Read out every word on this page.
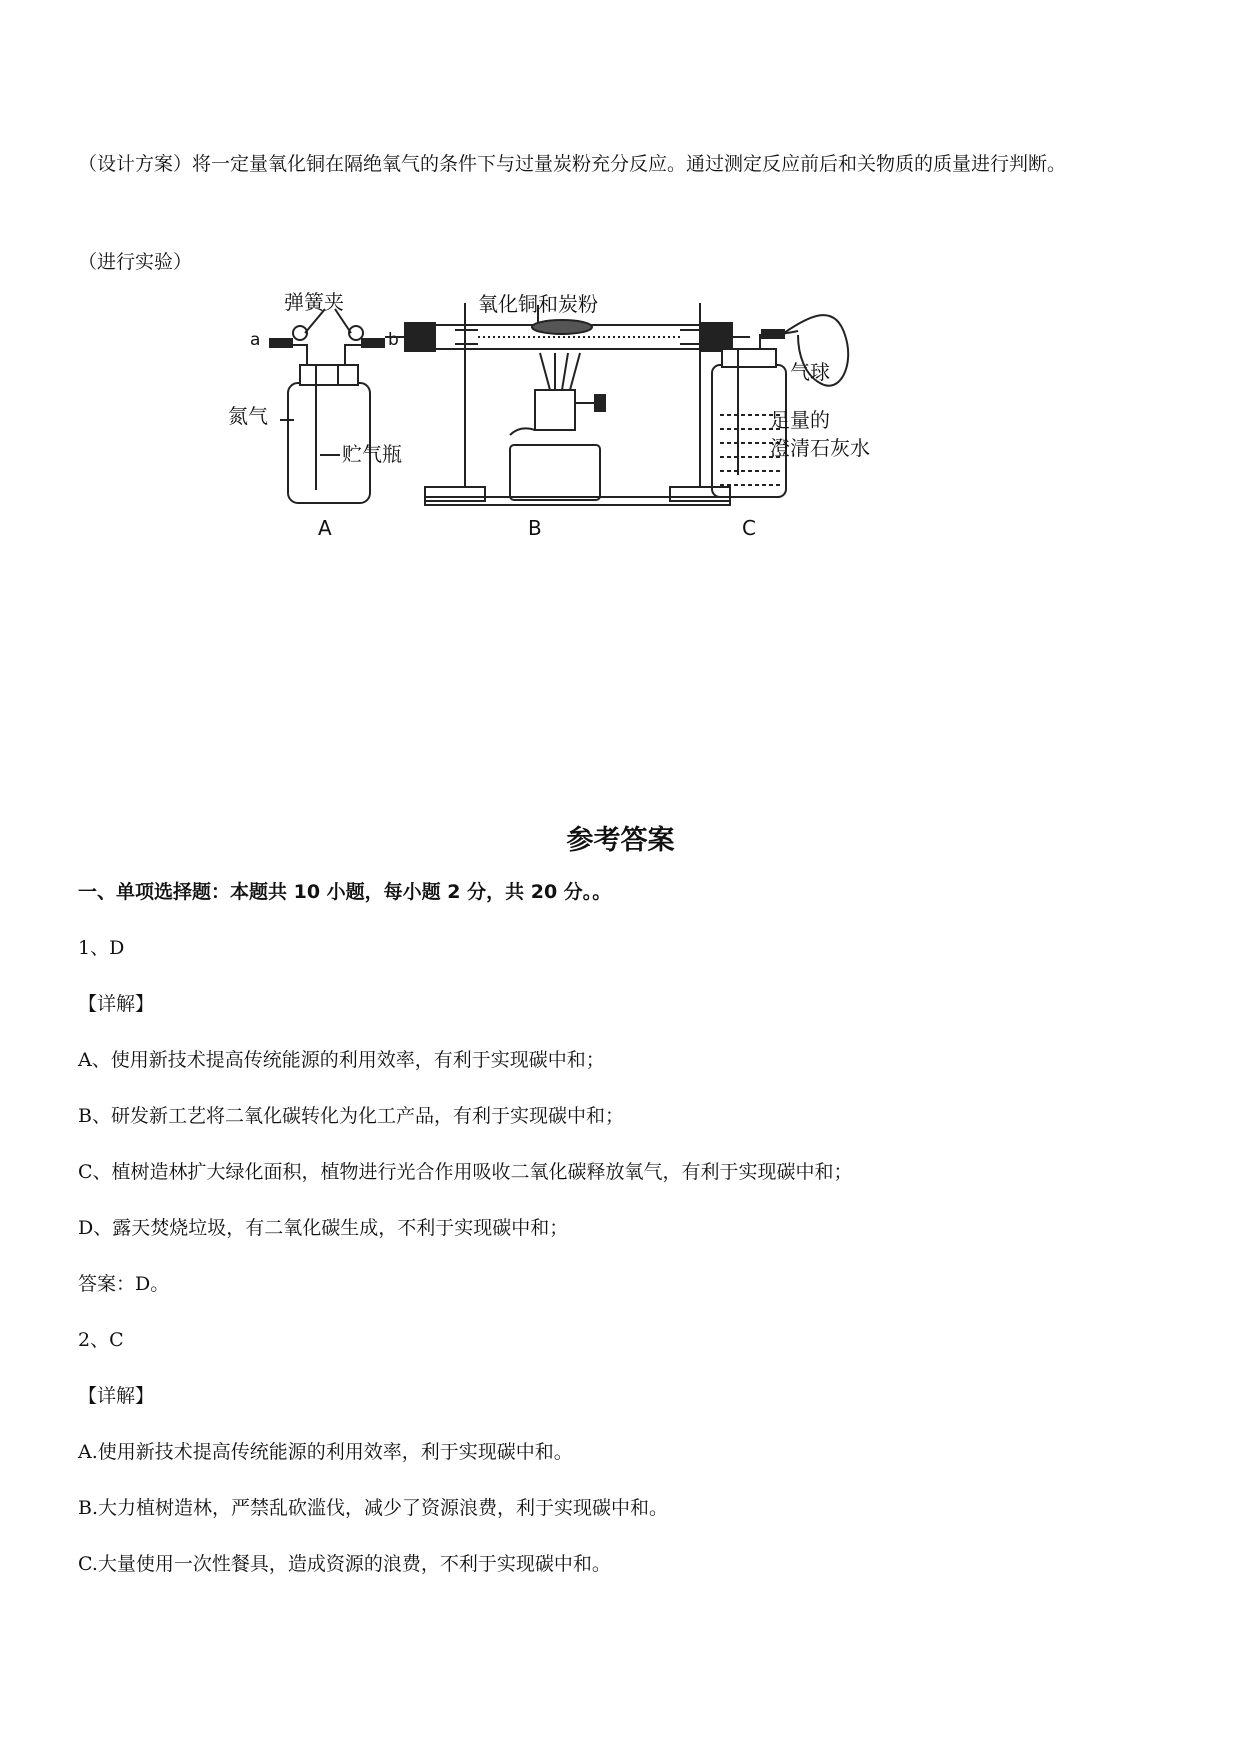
（设计方案）将一定量氧化铜在隔绝氧气的条件下与过量炭粉充分反应。通过测定反应前后和关物质的质量进行判断。

（进行实验）

弹簧夹
a	b
氮气
贮气瓶
A
氧化铜和炭粉
B
气球
足量的
澄清石灰水
C
参考答案

一、单项选择题：本题共 10 小题，每小题 2 分，共 20 分。。

1、D

【详解】

A、使用新技术提高传统能源的利用效率，有利于实现碳中和；

B、研发新工艺将二氧化碳转化为化工产品，有利于实现碳中和；

C、植树造林扩大绿化面积，植物进行光合作用吸收二氧化碳释放氧气，有利于实现碳中和；

D、露天焚烧垃圾，有二氧化碳生成，不利于实现碳中和；

答案：D。

2、C

【详解】

A.使用新技术提高传统能源的利用效率，利于实现碳中和。

B.大力植树造林，严禁乱砍滥伐，减少了资源浪费，利于实现碳中和。

C.大量使用一次性餐具，造成资源的浪费，不利于实现碳中和。
